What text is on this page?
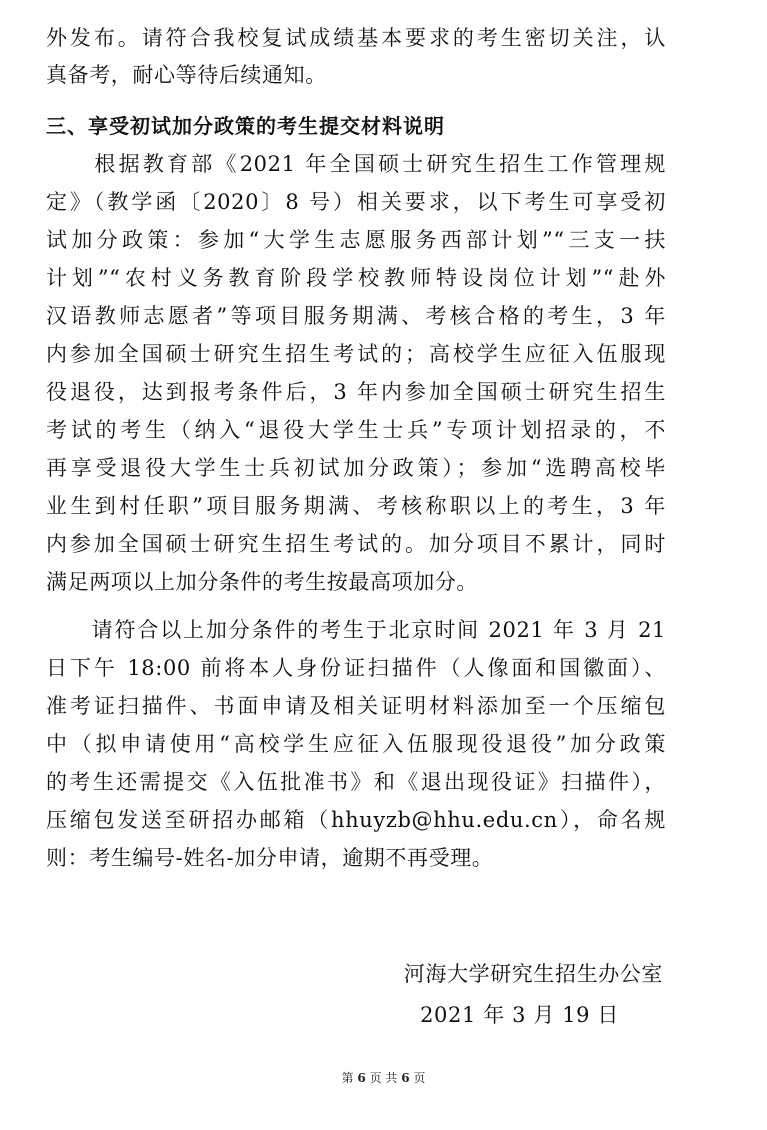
外发布。请符合我校复试成绩基本要求的考生密切关注，认
真备考，耐心等待后续通知。
三、享受初试加分政策的考生提交材料说明
　　根据教育部《2021 年全国硕士研究生招生工作管理规
定》（教学函〔2020〕8 号）相关要求，以下考生可享受初
试加分政策：参加“大学生志愿服务西部计划”“三支一扶
计划”“农村义务教育阶段学校教师特设岗位计划”“赴外
汉语教师志愿者”等项目服务期满、考核合格的考生，3 年
内参加全国硕士研究生招生考试的；高校学生应征入伍服现
役退役，达到报考条件后，3 年内参加全国硕士研究生招生
考试的考生（纳入“退役大学生士兵”专项计划招录的，不
再享受退役大学生士兵初试加分政策）；参加“选聘高校毕
业生到村任职”项目服务期满、考核称职以上的考生，3 年
内参加全国硕士研究生招生考试的。加分项目不累计，同时
满足两项以上加分条件的考生按最高项加分。
　　请符合以上加分条件的考生于北京时间 2021 年 3 月 21
日下午 18:00 前将本人身份证扫描件（人像面和国徽面）、
准考证扫描件、书面申请及相关证明材料添加至一个压缩包
中（拟申请使用“高校学生应征入伍服现役退役”加分政策
的考生还需提交《入伍批准书》和《退出现役证》扫描件），
压缩包发送至研招办邮箱（hhuyzb@hhu.edu.cn），命名规
则：考生编号-姓名-加分申请，逾期不再受理。
河海大学研究生招生办公室
2021 年 3 月 19 日
第 6 页 共 6 页
